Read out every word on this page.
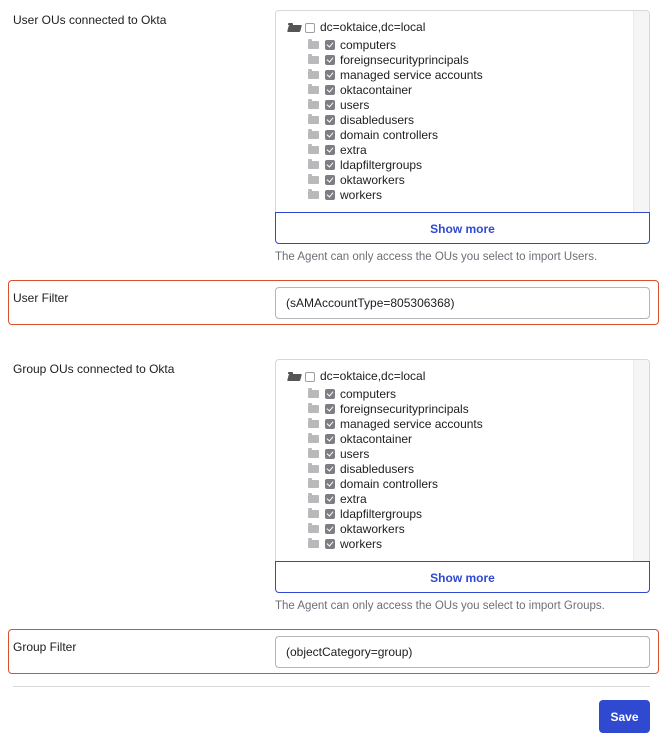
User OUs connected to Okta	dc=oktaice,dc=local
computers
foreignsecurityprincipals
managed service accounts
oktacontainer
users
disabledusers
domain controllers
extra
ldapfiltergroups
oktaworkers
workers
Show more
The Agent can only access the OUs you select to import Users.
User Filter
(sAMAccountType=805306368)
Group OUs connected to Okta	dc=oktaice,dc=local
computers
foreignsecurityprincipals
managed service accounts
oktacontainer
users
disabledusers
domain controllers
extra
ldapfiltergroups
oktaworkers
workers
Show more
The Agent can only access the OUs you select to import Groups.
Group Filter
(objectCategory=group)
Save
